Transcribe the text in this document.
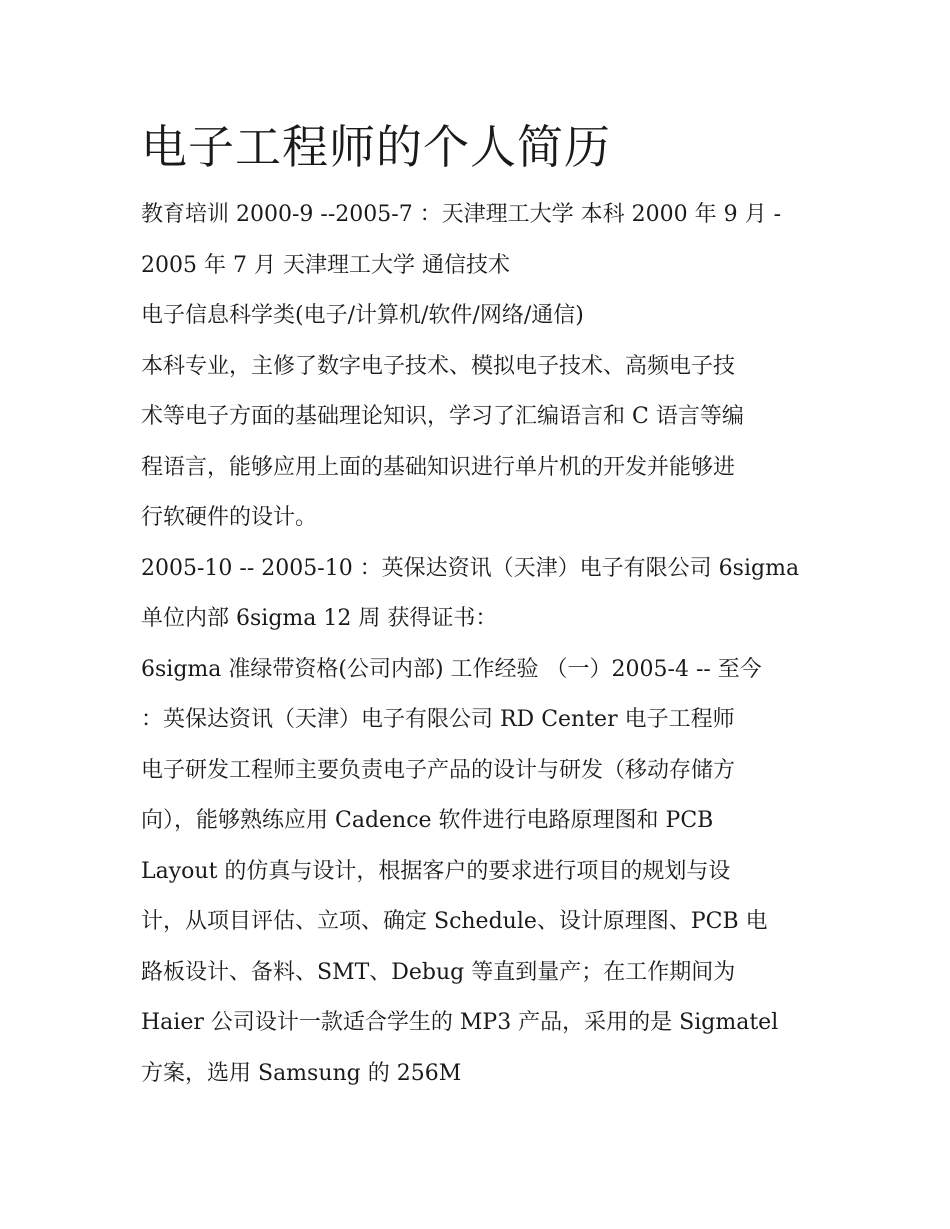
电子工程师的个人简历
教育培训 2000-9 --2005-7 ：天津理工大学 本科 2000 年 9 月 -
2005 年 7 月 天津理工大学 通信技术
电子信息科学类(电子/计算机/软件/网络/通信)
本科专业，主修了数字电子技术、模拟电子技术、高频电子技
术等电子方面的基础理论知识，学习了汇编语言和 C 语言等编
程语言，能够应用上面的基础知识进行单片机的开发并能够进
行软硬件的设计。
2005-10 -- 2005-10 ：英保达资讯（天津）电子有限公司 6sigma
单位内部 6sigma 12 周 获得证书：
6sigma 准绿带资格(公司内部) 工作经验 （一）2005-4 -- 至今
：英保达资讯（天津）电子有限公司 RD Center 电子工程师
电子研发工程师主要负责电子产品的设计与研发（移动存储方
向），能够熟练应用 Cadence 软件进行电路原理图和 PCB
Layout 的仿真与设计，根据客户的要求进行项目的规划与设
计，从项目评估、立项、确定 Schedule、设计原理图、PCB 电
路板设计、备料、SMT、Debug 等直到量产；在工作期间为
Haier 公司设计一款适合学生的 MP3 产品，采用的是 Sigmatel
方案，选用 Samsung 的 256M
